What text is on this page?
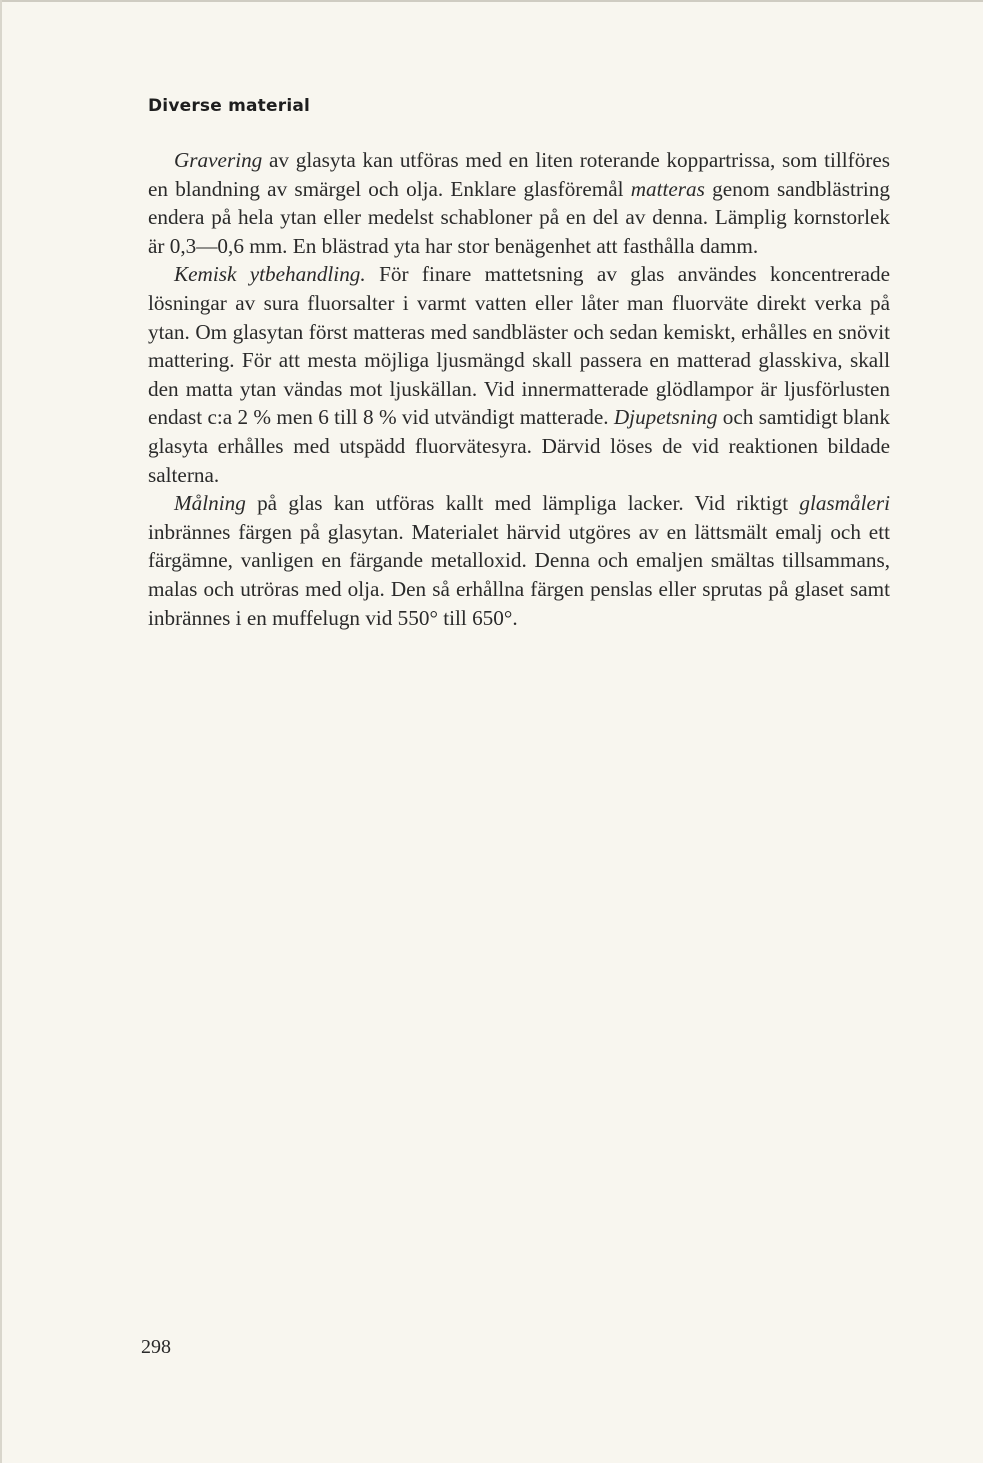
Diverse material

Gravering av glasyta kan utföras med en liten roterande koppartrissa, som tillföres en blandning av smärgel och olja. Enklare glasföremål matteras genom sandblästring endera på hela ytan eller medelst schabloner på en del av denna. Lämplig kornstorlek är 0,3—0,6 mm. En blästrad yta har stor benägenhet att fasthålla damm.

Kemisk ytbehandling. För finare mattetsning av glas användes koncentrerade lösningar av sura fluorsalter i varmt vatten eller låter man fluorväte direkt verka på ytan. Om glasytan först matteras med sandbläster och sedan kemiskt, erhålles en snövit mattering. För att mesta möjliga ljusmängd skall passera en matterad glasskiva, skall den matta ytan vändas mot ljuskällan. Vid innermatterade glödlampor är ljusförlusten endast c:a 2 % men 6 till 8 % vid utvändigt matterade. Djupetsning och samtidigt blank glasyta erhålles med utspädd fluorvätesyra. Därvid löses de vid reaktionen bildade salterna.

Målning på glas kan utföras kallt med lämpliga lacker. Vid riktigt glasmåleri inbrännes färgen på glasytan. Materialet härvid utgöres av en lättsmält emalj och ett färgämne, vanligen en färgande metalloxid. Denna och emaljen smältas tillsammans, malas och utröras med olja. Den så erhållna färgen penslas eller sprutas på glaset samt inbrännes i en muffelugn vid 550° till 650°.

298
